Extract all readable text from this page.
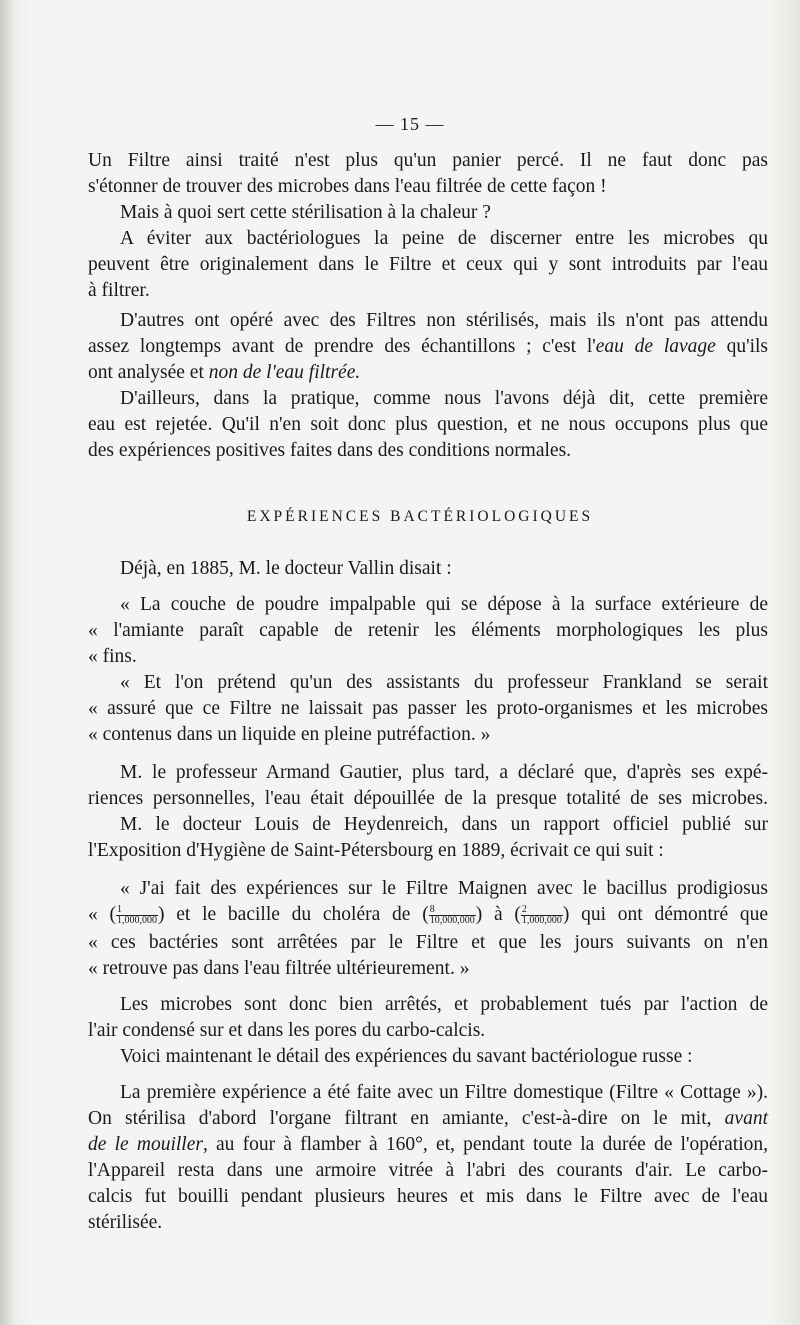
— 15 —
Un Filtre ainsi traité n'est plus qu'un panier percé. Il ne faut donc pas
s'étonner de trouver des microbes dans l'eau filtrée de cette façon !
Mais à quoi sert cette stérilisation à la chaleur ?
A éviter aux bactériologues la peine de discerner entre les microbes qu
peuvent être originalement dans le Filtre et ceux qui y sont introduits par l'eau
à filtrer.
D'autres ont opéré avec des Filtres non stérilisés, mais ils n'ont pas attendu
assez longtemps avant de prendre des échantillons ; c'est l'eau de lavage qu'ils
ont analysée et non de l'eau filtrée.
D'ailleurs, dans la pratique, comme nous l'avons déjà dit, cette première
eau est rejetée. Qu'il n'en soit donc plus question, et ne nous occupons plus que
des expériences positives faites dans des conditions normales.
EXPÉRIENCES BACTÉRIOLOGIQUES
Déjà, en 1885, M. le docteur Vallin disait :
« La couche de poudre impalpable qui se dépose à la surface extérieure de
« l'amiante paraît capable de retenir les éléments morphologiques les plus
« fins.
« Et l'on prétend qu'un des assistants du professeur Frankland se serait
« assuré que ce Filtre ne laissait pas passer les proto-organismes et les microbes
« contenus dans un liquide en pleine putréfaction. »
M. le professeur Armand Gautier, plus tard, a déclaré que, d'après ses expé-
riences personnelles, l'eau était dépouillée de la presque totalité de ses microbes.
M. le docteur Louis de Heydenreich, dans un rapport officiel publié sur
l'Exposition d'Hygiène de Saint-Pétersbourg en 1889, écrivait ce qui suit :
« J'ai fait des expériences sur le Filtre Maignen avec le bacillus prodigiosus
« ( $\frac{1}{1,000,000}$ ) et le bacille du choléra de ( $\frac{8}{10,000,000}$ ) à ( $\frac{2}{1,000,000}$ ) qui ont démontré que
« ces bactéries sont arrêtées par le Filtre et que les jours suivants on n'en
« retrouve pas dans l'eau filtrée ultérieurement. »
Les microbes sont donc bien arrêtés, et probablement tués par l'action de
l'air condensé sur et dans les pores du carbo-calcis.
Voici maintenant le détail des expériences du savant bactériologue russe :
La première expérience a été faite avec un Filtre domestique (Filtre « Cottage »).
On stérilisa d'abord l'organe filtrant en amiante, c'est-à-dire on le mit, avant
de le mouiller, au four à flamber à 160°, et, pendant toute la durée de l'opération,
l'Appareil resta dans une armoire vitrée à l'abri des courants d'air. Le carbo-
calcis fut bouilli pendant plusieurs heures et mis dans le Filtre avec de l'eau
stérilisée.
